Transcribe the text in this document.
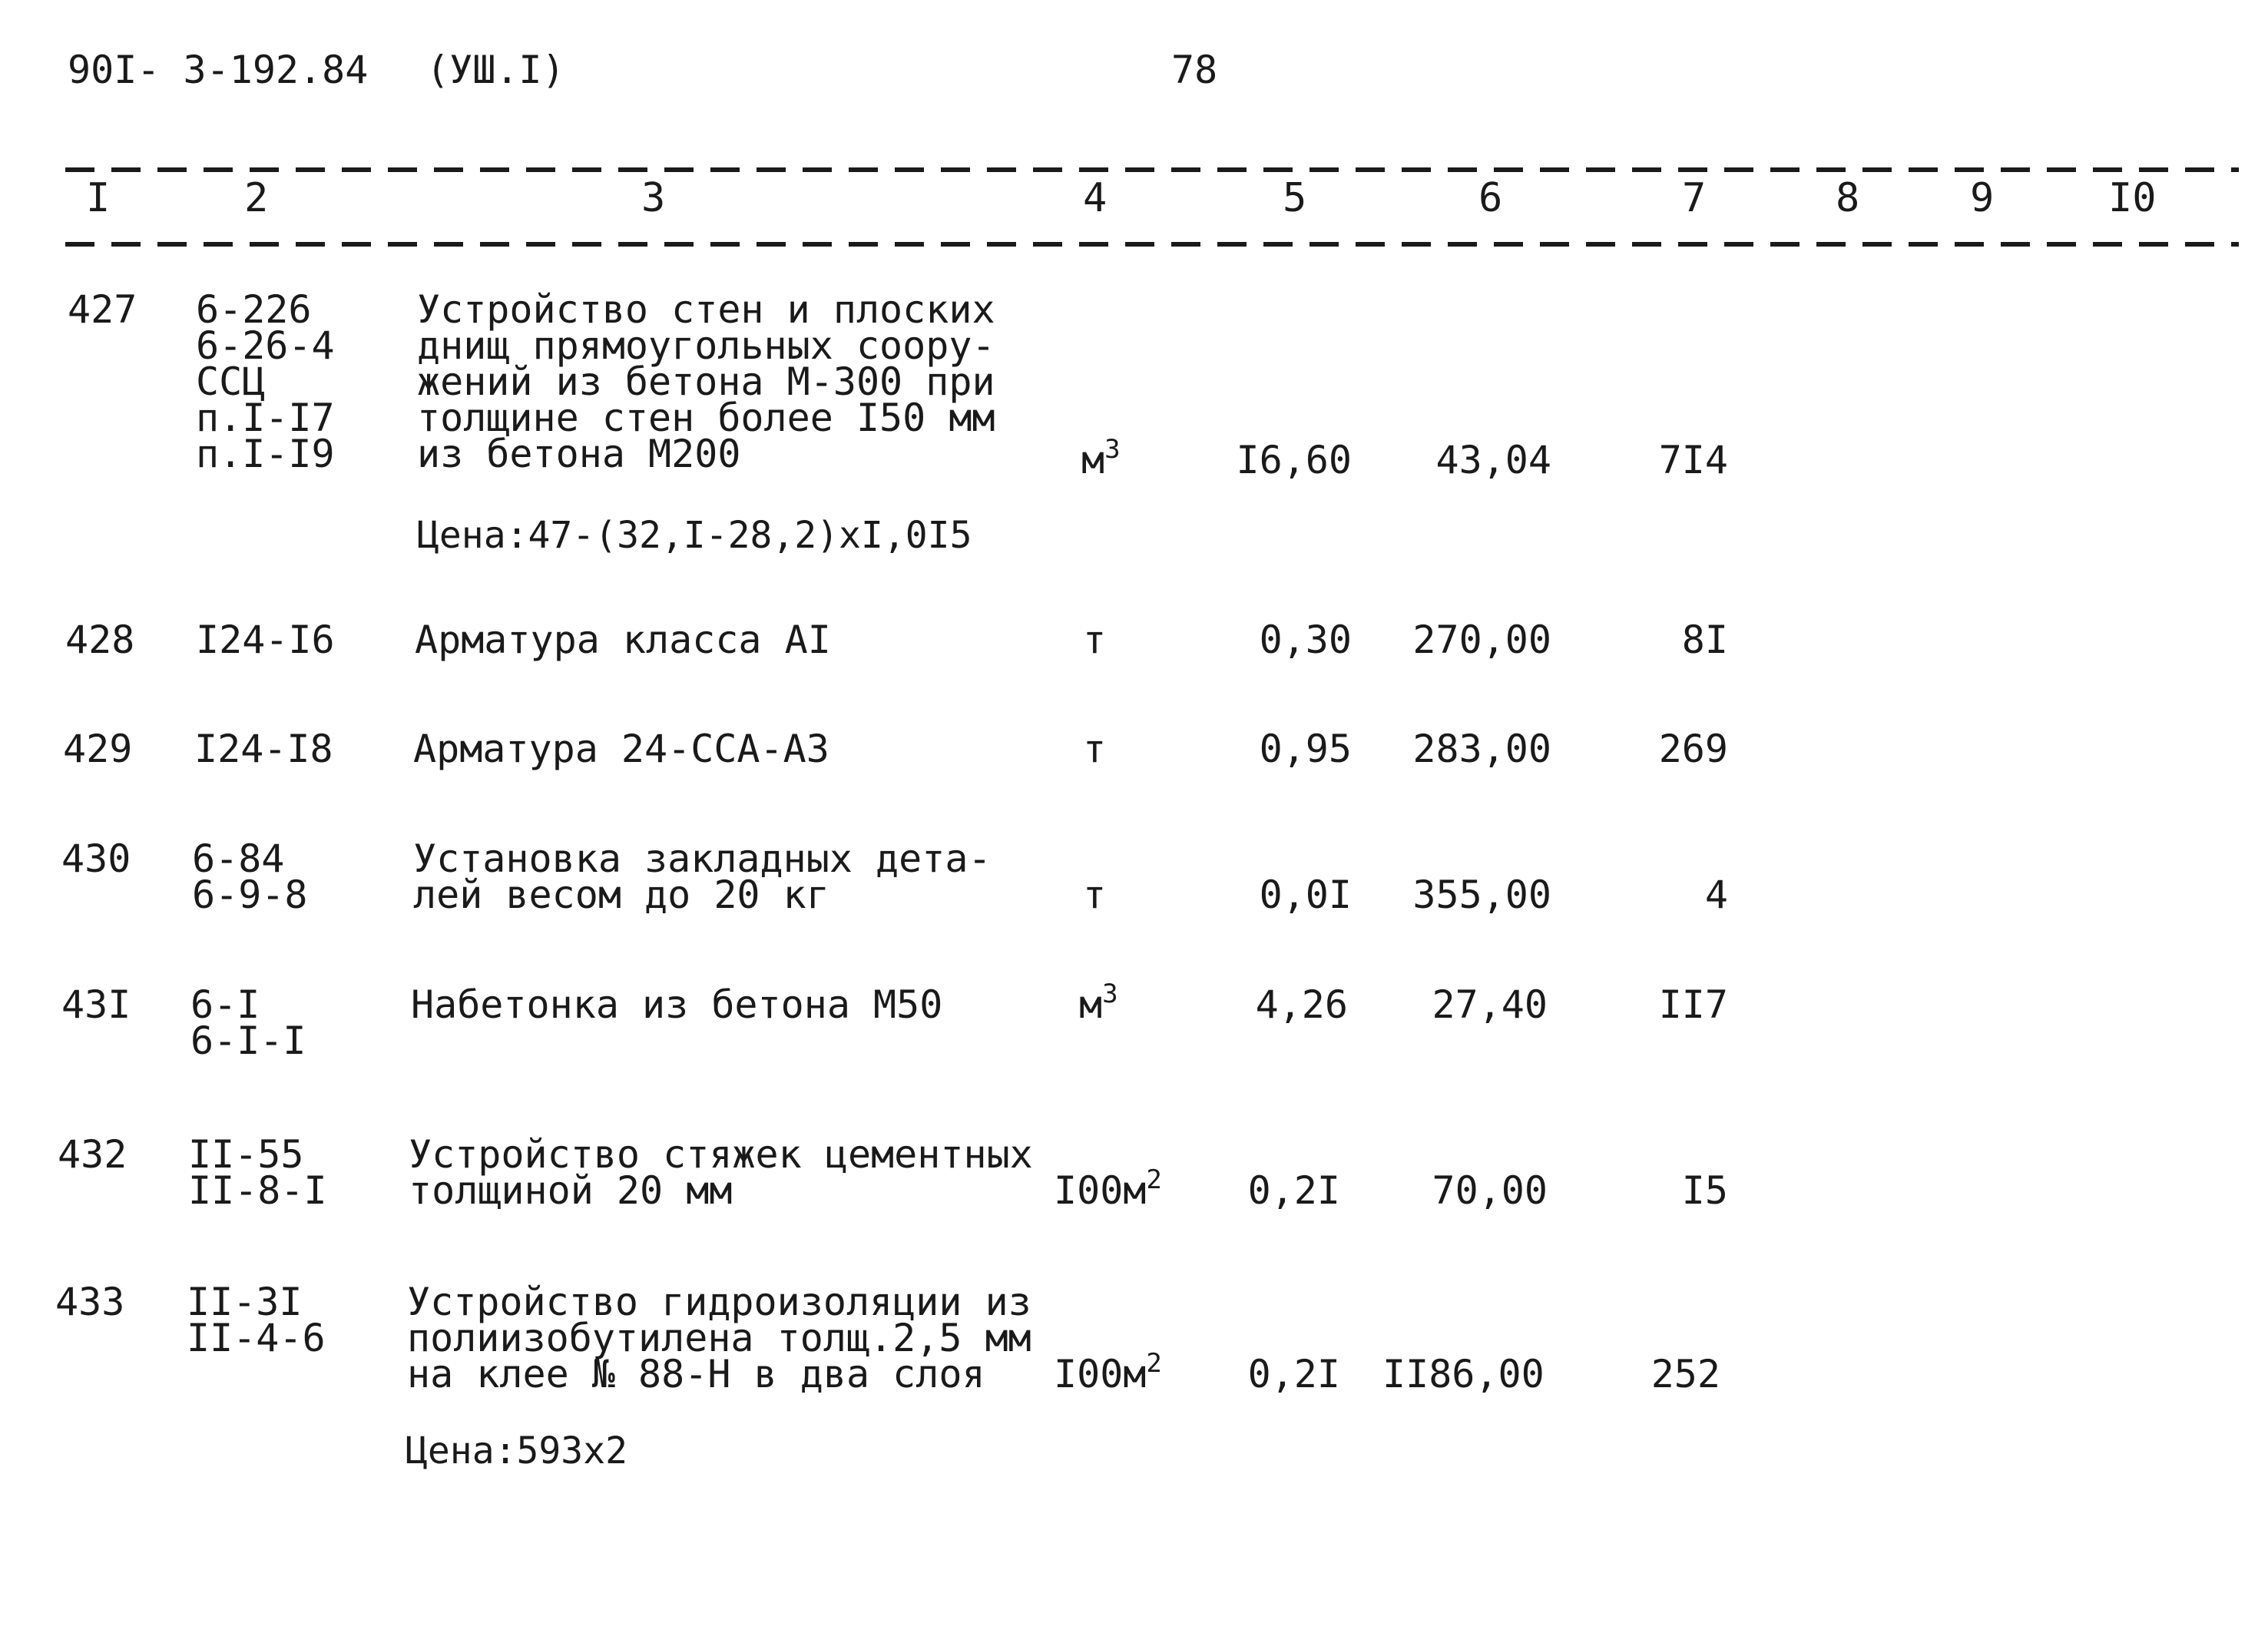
90I- 3-192.84 (УШ.I)	78
I	2	3	4	5	6	7	8	9	I0
427 6-226
6-26-4
ССЦ
п.I-I7
п.I-I9
Устройство стен и плоских
днищ прямоугольных соору-
жений из бетона М-300 при
толщине стен более I50 мм
из бетона М200	$м^3$	I6,60	43,04	7I4
Цена:47-(32,I-28,2)хI,0I5
428 I24-I6 Арматура класса АI	т	0,30	270,00	8I
429 I24-I8 Арматура 24-ССА-А3	т	0,95	283,00	269
430 6-84
6-9-8
Установка закладных дета-
лей весом до 20 кг	т	0,0I	355,00	4
43I 6-I
6-I-I
Набетонка из бетона М50	$м^3$	4,26	27,40	II7
432 II-55
II-8-I
Устройство стяжек цементных
толщиной 20 мм	$I00м^2$	0,2I	70,00	I5
433 II-3I
II-4-6
Устройство гидроизоляции из
полиизобутилена толщ.2,5 мм
на клее № 88-Н в два слоя	$I00м^2$	0,2I II86,00	252
Цена:593х2
